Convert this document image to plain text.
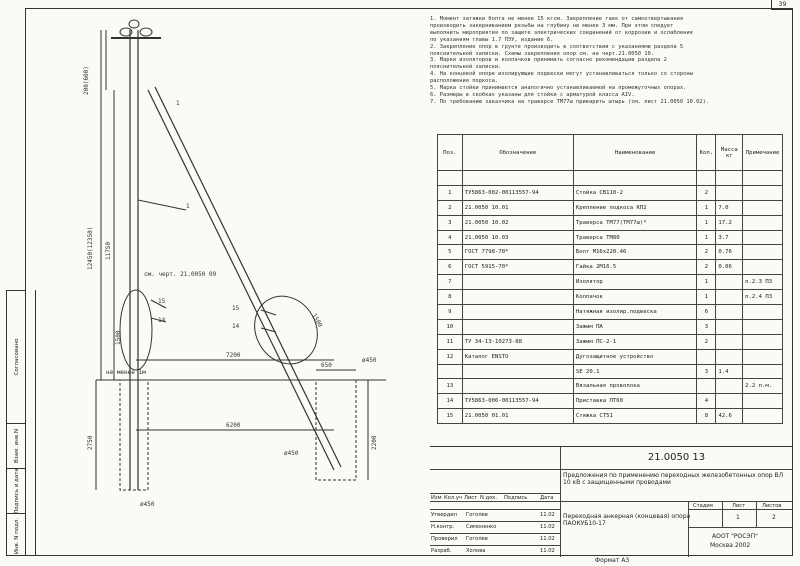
39
Согласовано
Взам. инв.N
Подпись и дата
Инв. N подл.
200(600)
12450(12350) 11750
2750	2200
7200
6200
650
1500
1500
ø450
ø450
ø450
см. черт. 21.0050 09
не менее 1м
1
1
15
14
15
14
1. Момент затяжки болта не менее 15 кгсм. Закрепление гаек от самоотвертывания
производить закерниванием резьбы на глубину не менее 3 мм. При этом следует
выполнить мероприятия по защите электрических соединений от коррозии и ослабления
по указаниям главы 1.7 ПЭУ, издание 6.
2. Закрепление опор в грунте производить в соответствии с указаниями раздела 5
пояснительной записки. Схемы закрепления опор см. на черт.21.0050 10.
3. Марки изоляторов и колпачков принимать согласно рекомендации раздела 2
пояснительной записки.
4. На концевой опоре изолирующие подвески могут устанавливаться только со стороны
расположения подкоса.
5. Марка стойки принимается аналогично устанавливаемой на промежуточных опорах.
6. Размеры в скобках указаны для стойки с арматурой класса AIV.
7. По требованию заказчика на траверсе ТМ77ш приварить штырь (см. лист 21.0050 10.02).
Поз.	Обозначение	Наименование	Кол.	Масса кг	Примечание

1	ТУ5863-002-00113557-94	Стойка СВ110-2	2		
2	21.0050 10.01	Крепление подкоса КП2	1	7.0	
3	21.0050 10.02	Траверса ТМ77(ТМ77ш)*	1	17.2	
4	21.0050 10.03	Траверса ТМ80	1	3.7	
5	ГОСТ 7798-70*	Болт М16х220.46	2	0.76	
6	ГОСТ 5915-70*	Гайка 2М16.5	2	0.06	
7		Изолятор	1		п.2.3 ПЗ
8		Колпачок	1		п.2.4 ПЗ
9		Натяжная изолир.подвеска	6		
10		Зажим ПА	3		
11	ТУ 34-13-10273-88	Зажим ПС-2-1	2		
12	Каталог ENSTO	Дугозащитное устройство			
		SE 20.1	3	1.4	
13		Вязальная проволока			2.2 п.м.
14	ТУ5863-006-00113557-94	Приставка ПТ60	4		
15	21.0050 01.01	Стяжка СТ51	8	42.6	
21.0050 13
Предложения по применению переходных железобетонных опор ВЛ 10 кВ с защищенными проводами
Переходная анкерная (концевая) опора ПАОКУБ10-17
Стадия	Лист	Листов
1	2
АООТ "РОСЭП"
Москва 2002
Изм Кол.уч Лист N док. Подпись Дата
Утвердил Гоголев	11.02
Н.контр. Симоненко	11.02
Проверил Гоголев	11.02
Разраб.	Холова	11.02
Формат А3
